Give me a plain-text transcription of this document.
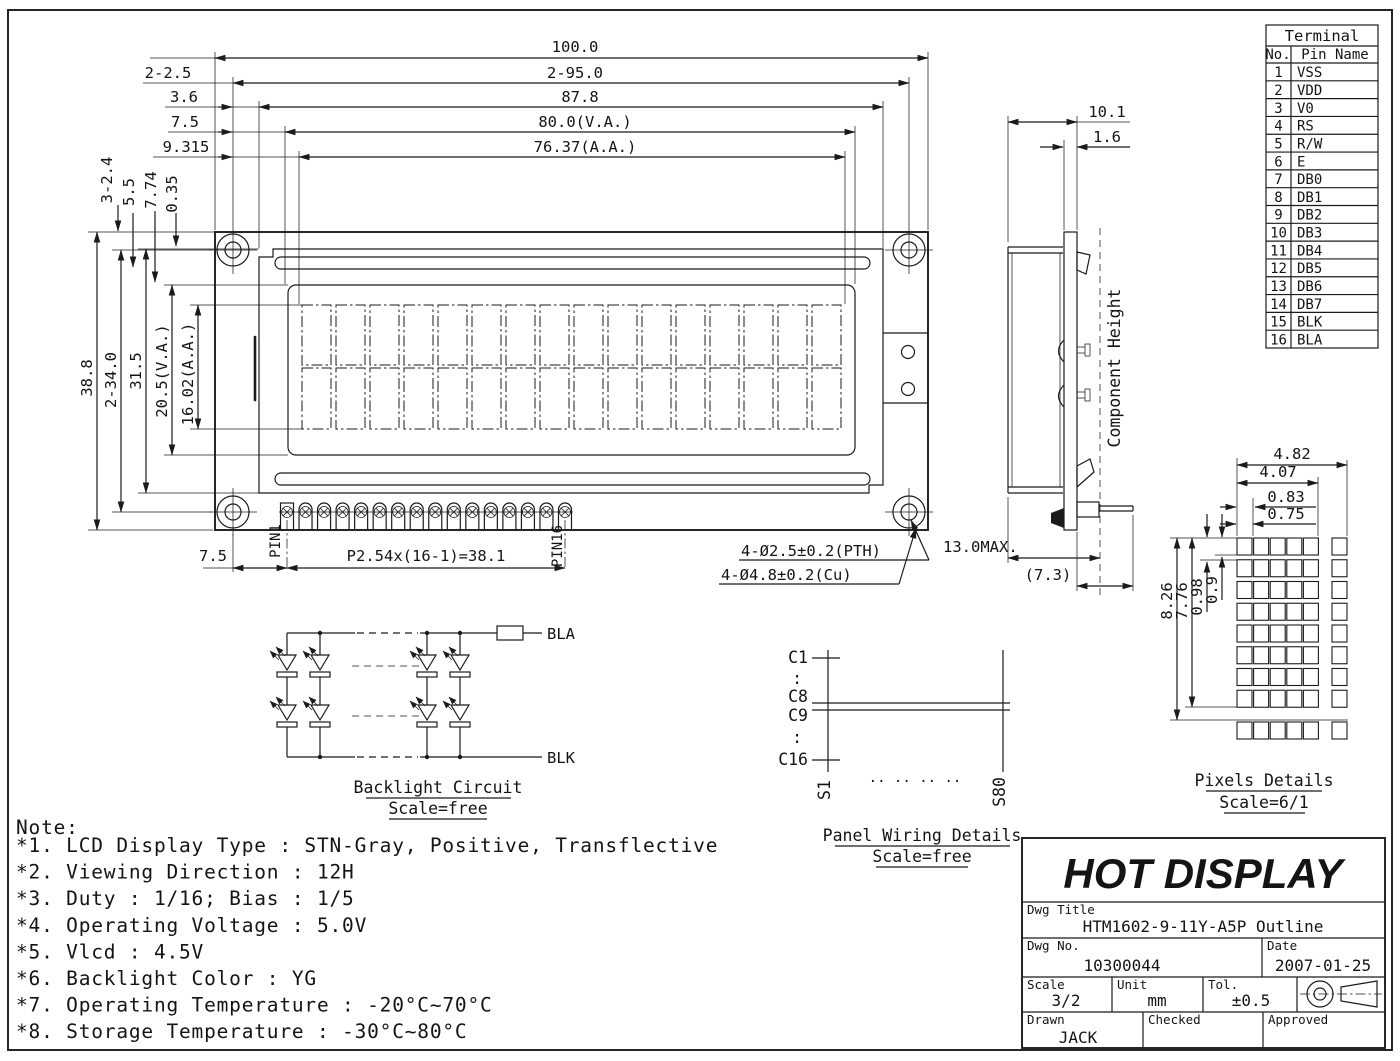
100.0
2-2.5	2-95.0
3.6	87.8
7.5	80.0(V.A.)
9.315	76.37(A.A.)
38.8 2-34.0 31.5 20.5(V.A.) 16.02(A.A.)
3-2.4 5.5 7.74 0.35
7.5	P2.54x(16-1)=38.1
PIN1	PIN16	4-Ø2.5±0.2(PTH)
4-Ø4.8±0.2(Cu)
10.1
1.6
Component Height
13.0MAX.
(7.3)
Terminal
No. Pin Name
1 VSS
2 VDD
3 V0
4 RS
5 R/W
6 E
7 DB0
8 DB1
9 DB2
10 DB3
11 DB4
12 DB5
13 DB6
14 DB7
15 BLK
16 BLA
4.82
4.07
0.83
0.75
8.26
7.76
0.98
0.9
Pixels Details
Scale=6/1
C1
:
C8
C9
:
C16
S1	S80
.. .. .. ..
Panel Wiring Details
Scale=free
BLA
BLK
Backlight Circuit
Scale=free
Note:
*1. LCD Display Type : STN-Gray, Positive, Transflective
*2. Viewing Direction : 12H
*3. Duty : 1/16; Bias : 1/5
*4. Operating Voltage : 5.0V
*5. Vlcd : 4.5V
*6. Backlight Color : YG
*7. Operating Temperature : -20°C~70°C
*8. Storage Temperature : -30°C~80°C
HOT DISPLAY
Dwg Title
HTM1602-9-11Y-A5P Outline
Dwg No.
10300044
Date
2007-01-25
Scale
3/2
Unit
mm
Tol.
±0.5
Drawn
JACK
Checked	Approved
